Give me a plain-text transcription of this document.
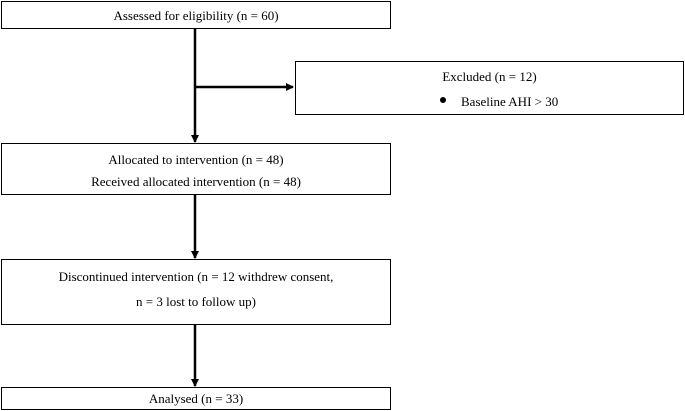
Assessed for eligibility (n = 60)
Excluded (n = 12)
Baseline AHI > 30
Allocated to intervention (n = 48)
Received allocated intervention (n = 48)
Discontinued intervention (n = 12 withdrew consent,
n = 3 lost to follow up)
Analysed (n = 33)
